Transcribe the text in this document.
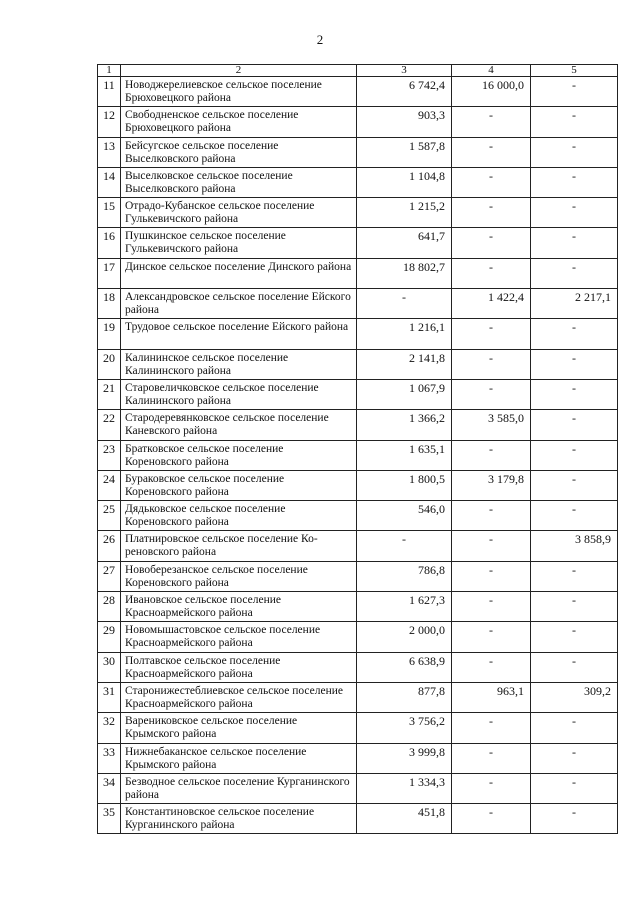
2
1	2	3	4	5
11	Новоджерелиевское сельское поселение Брюховецкого района	6 742,4	16 000,0	-
12	Свободненское сельское поселение Брюховецкого района	903,3	-	-
13	Бейсугское сельское поселение Выселковского района	1 587,8	-	-
14	Выселковское сельское поселение Выселковского района	1 104,8	-	-
15	Отрадо-Кубанское сельское поселение Гулькевичского района	1 215,2	-	-
16	Пушкинское сельское поселение Гулькевичского района	641,7	-	-
17	Динское сельское поселение Динского района	18 802,7	-	-
18	Александровское сельское поселение Ейского района	-	1 422,4	2 217,1
19	Трудовое сельское поселение Ейского района	1 216,1	-	-
20	Калининское сельское поселение Калининского района	2 141,8	-	-
21	Старовеличковское сельское поселение Калининского района	1 067,9	-	-
22	Стародеревянковское сельское поселение Каневского района	1 366,2	3 585,0	-
23	Братковское сельское поселение Кореновского района	1 635,1	-	-
24	Бураковское сельское поселение Кореновского района	1 800,5	3 179,8	-
25	Дядьковское сельское поселение Кореновского района	546,0	-	-
26	Платнировское сельское поселение Ко-реновского района	-	-	3 858,9
27	Новоберезанское сельское поселение Кореновского района	786,8	-	-
28	Ивановское сельское поселение Красноармейского района	1 627,3	-	-
29	Новомышастовское сельское поселение Красноармейского района	2 000,0	-	-
30	Полтавское сельское поселение Красноармейского района	6 638,9	-	-
31	Старонижестеблиевское сельское поселение Красноармейского района	877,8	963,1	309,2
32	Варениковское сельское поселение Крымского района	3 756,2	-	-
33	Нижнебаканское сельское поселение Крымского района	3 999,8	-	-
34	Безводное сельское поселение Курганинского района	1 334,3	-	-
35	Константиновское сельское поселение Курганинского района	451,8	-	-
